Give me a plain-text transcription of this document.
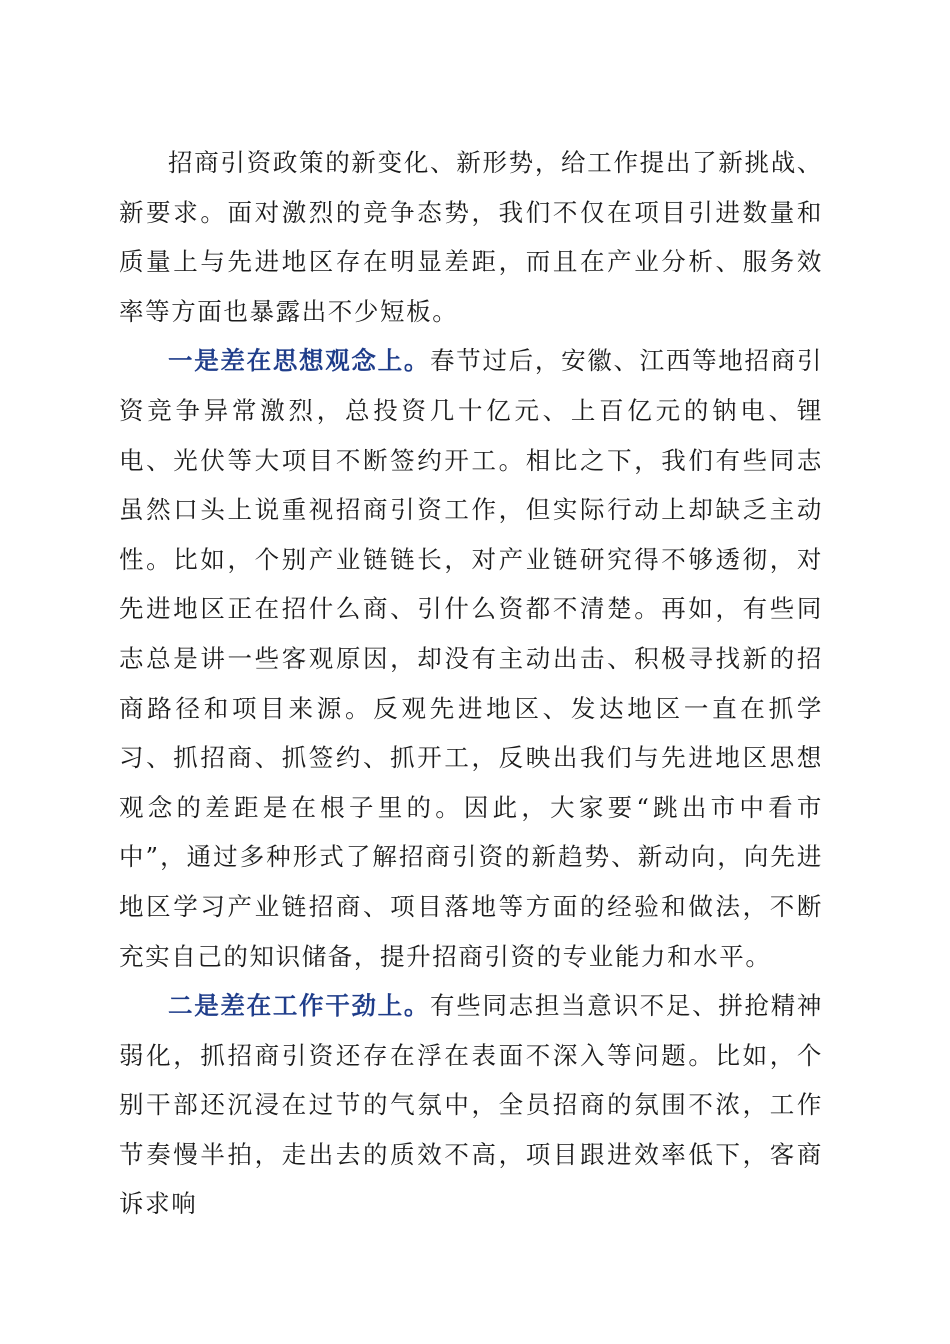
招商引资政策的新变化、新形势，给工作提出了新挑战、新要求。面对激烈的竞争态势，我们不仅在项目引进数量和质量上与先进地区存在明显差距，而且在产业分析、服务效率等方面也暴露出不少短板。

一是差在思想观念上。春节过后，安徽、江西等地招商引资竞争异常激烈，总投资几十亿元、上百亿元的钠电、锂电、光伏等大项目不断签约开工。相比之下，我们有些同志虽然口头上说重视招商引资工作，但实际行动上却缺乏主动性。比如，个别产业链链长，对产业链研究得不够透彻，对先进地区正在招什么商、引什么资都不清楚。再如，有些同志总是讲一些客观原因，却没有主动出击、积极寻找新的招商路径和项目来源。反观先进地区、发达地区一直在抓学习、抓招商、抓签约、抓开工，反映出我们与先进地区思想观念的差距是在根子里的。因此，大家要“跳出市中看市中”，通过多种形式了解招商引资的新趋势、新动向，向先进地区学习产业链招商、项目落地等方面的经验和做法，不断充实自己的知识储备，提升招商引资的专业能力和水平。

二是差在工作干劲上。有些同志担当意识不足、拼抢精神弱化，抓招商引资还存在浮在表面不深入等问题。比如，个别干部还沉浸在过节的气氛中，全员招商的氛围不浓，工作节奏慢半拍，走出去的质效不高，项目跟进效率低下，客商诉求响
